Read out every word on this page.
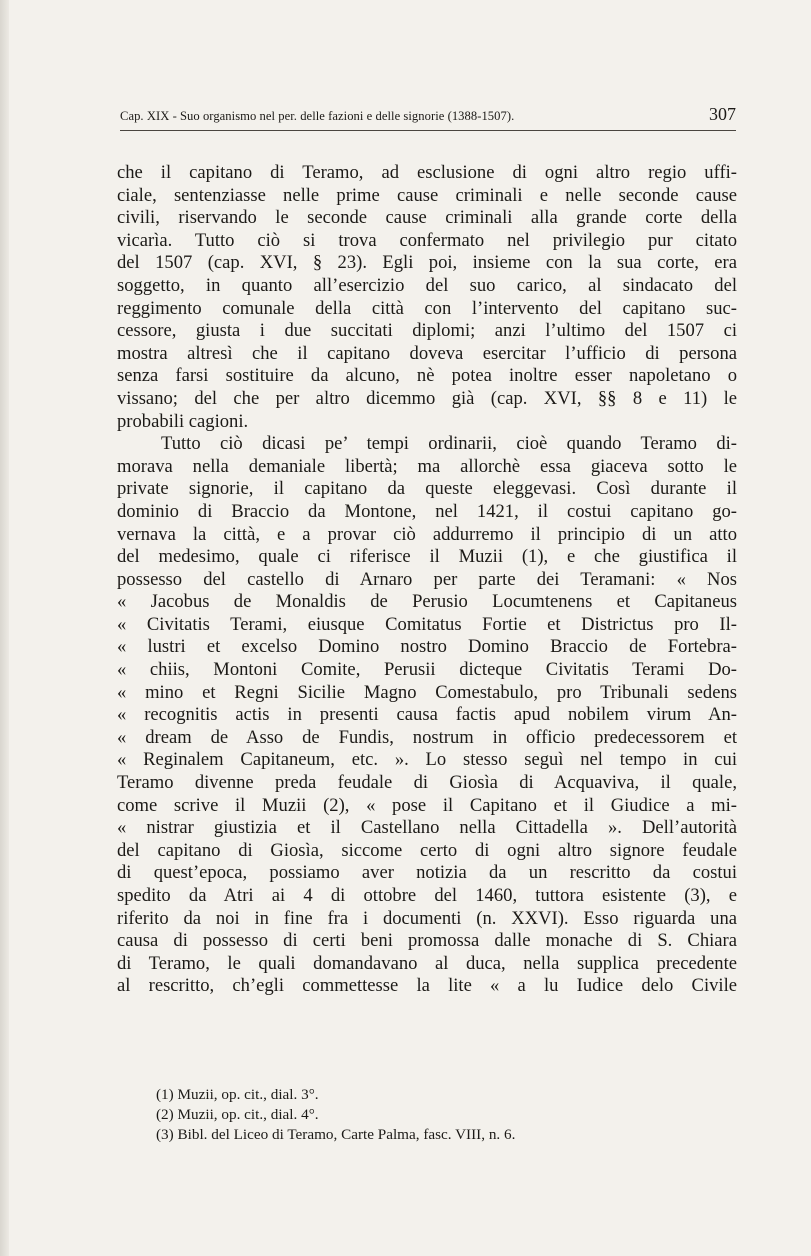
Cap. XIX - Suo organismo nel per. delle fazioni e delle signorie (1388-1507).	307
che il capitano di Teramo, ad esclusione di ogni altro regio uffi-
ciale, sentenziasse nelle prime cause criminali e nelle seconde cause
civili, riservando le seconde cause criminali alla grande corte della
vicarìa. Tutto ciò si trova confermato nel privilegio pur citato
del 1507 (cap. XVI, § 23). Egli poi, insieme con la sua corte, era
soggetto, in quanto all’esercizio del suo carico, al sindacato del
reggimento comunale della città con l’intervento del capitano suc-
cessore, giusta i due succitati diplomi; anzi l’ultimo del 1507 ci
mostra altresì che il capitano doveva esercitar l’ufficio di persona
senza farsi sostituire da alcuno, nè potea inoltre esser napoletano o
vissano; del che per altro dicemmo già (cap. XVI, §§ 8 e 11) le
probabili cagioni.
Tutto ciò dicasi pe’ tempi ordinarii, cioè quando Teramo di-
morava nella demaniale libertà; ma allorchè essa giaceva sotto le
private signorie, il capitano da queste eleggevasi. Così durante il
dominio di Braccio da Montone, nel 1421, il costui capitano go-
vernava la città, e a provar ciò addurremo il principio di un atto
del medesimo, quale ci riferisce il Muzii (1), e che giustifica il
possesso del castello di Arnaro per parte dei Teramani: « Nos
« Jacobus de Monaldis de Perusio Locumtenens et Capitaneus
« Civitatis Terami, eiusque Comitatus Fortie et Districtus pro Il-
« lustri et excelso Domino nostro Domino Braccio de Fortebra-
« chiis, Montoni Comite, Perusii dicteque Civitatis Terami Do-
« mino et Regni Sicilie Magno Comestabulo, pro Tribunali sedens
« recognitis actis in presenti causa factis apud nobilem virum An-
« dream de Asso de Fundis, nostrum in officio predecessorem et
« Reginalem Capitaneum, etc. ». Lo stesso seguì nel tempo in cui
Teramo divenne preda feudale di Giosìa di Acquaviva, il quale,
come scrive il Muzii (2), « pose il Capitano et il Giudice a mi-
« nistrar giustizia et il Castellano nella Cittadella ». Dell’autorità
del capitano di Giosìa, siccome certo di ogni altro signore feudale
di quest’epoca, possiamo aver notizia da un rescritto da costui
spedito da Atri ai 4 di ottobre del 1460, tuttora esistente (3), e
riferito da noi in fine fra i documenti (n. XXVI). Esso riguarda una
causa di possesso di certi beni promossa dalle monache di S. Chiara
di Teramo, le quali domandavano al duca, nella supplica precedente
al rescritto, ch’egli commettesse la lite « a lu Iudice delo Civile
(1) Muzii, op. cit., dial. 3°.
(2) Muzii, op. cit., dial. 4°.
(3) Bibl. del Liceo di Teramo, Carte Palma, fasc. VIII, n. 6.
